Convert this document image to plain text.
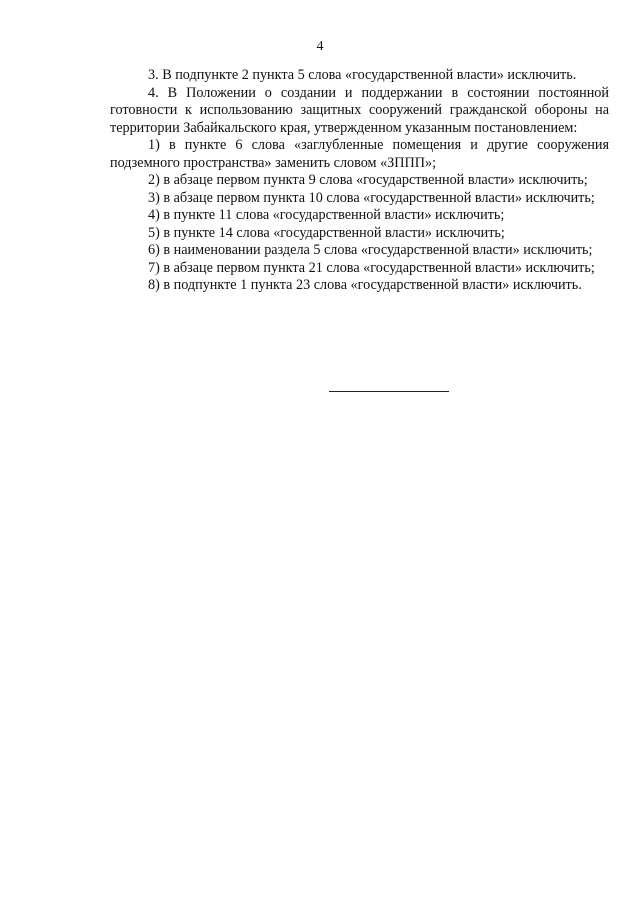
4

3. В подпункте 2 пункта 5 слова «государственной власти» исключить.

4. В Положении о создании и поддержании в состоянии постоянной готовности к использованию защитных сооружений гражданской обороны на территории Забайкальского края, утвержденном указанным постановлением:

1) в пункте 6 слова «заглубленные помещения и другие сооружения подземного пространства» заменить словом «ЗППП»;

2) в абзаце первом пункта 9 слова «государственной власти» исключить;

3) в абзаце первом пункта 10 слова «государственной власти» исключить;

4) в пункте 11 слова «государственной власти» исключить;

5) в пункте 14 слова «государственной власти» исключить;

6) в наименовании раздела 5 слова «государственной власти» исключить;

7) в абзаце первом пункта 21 слова «государственной власти» исключить;

8) в подпункте 1 пункта 23 слова «государственной власти» исключить.
